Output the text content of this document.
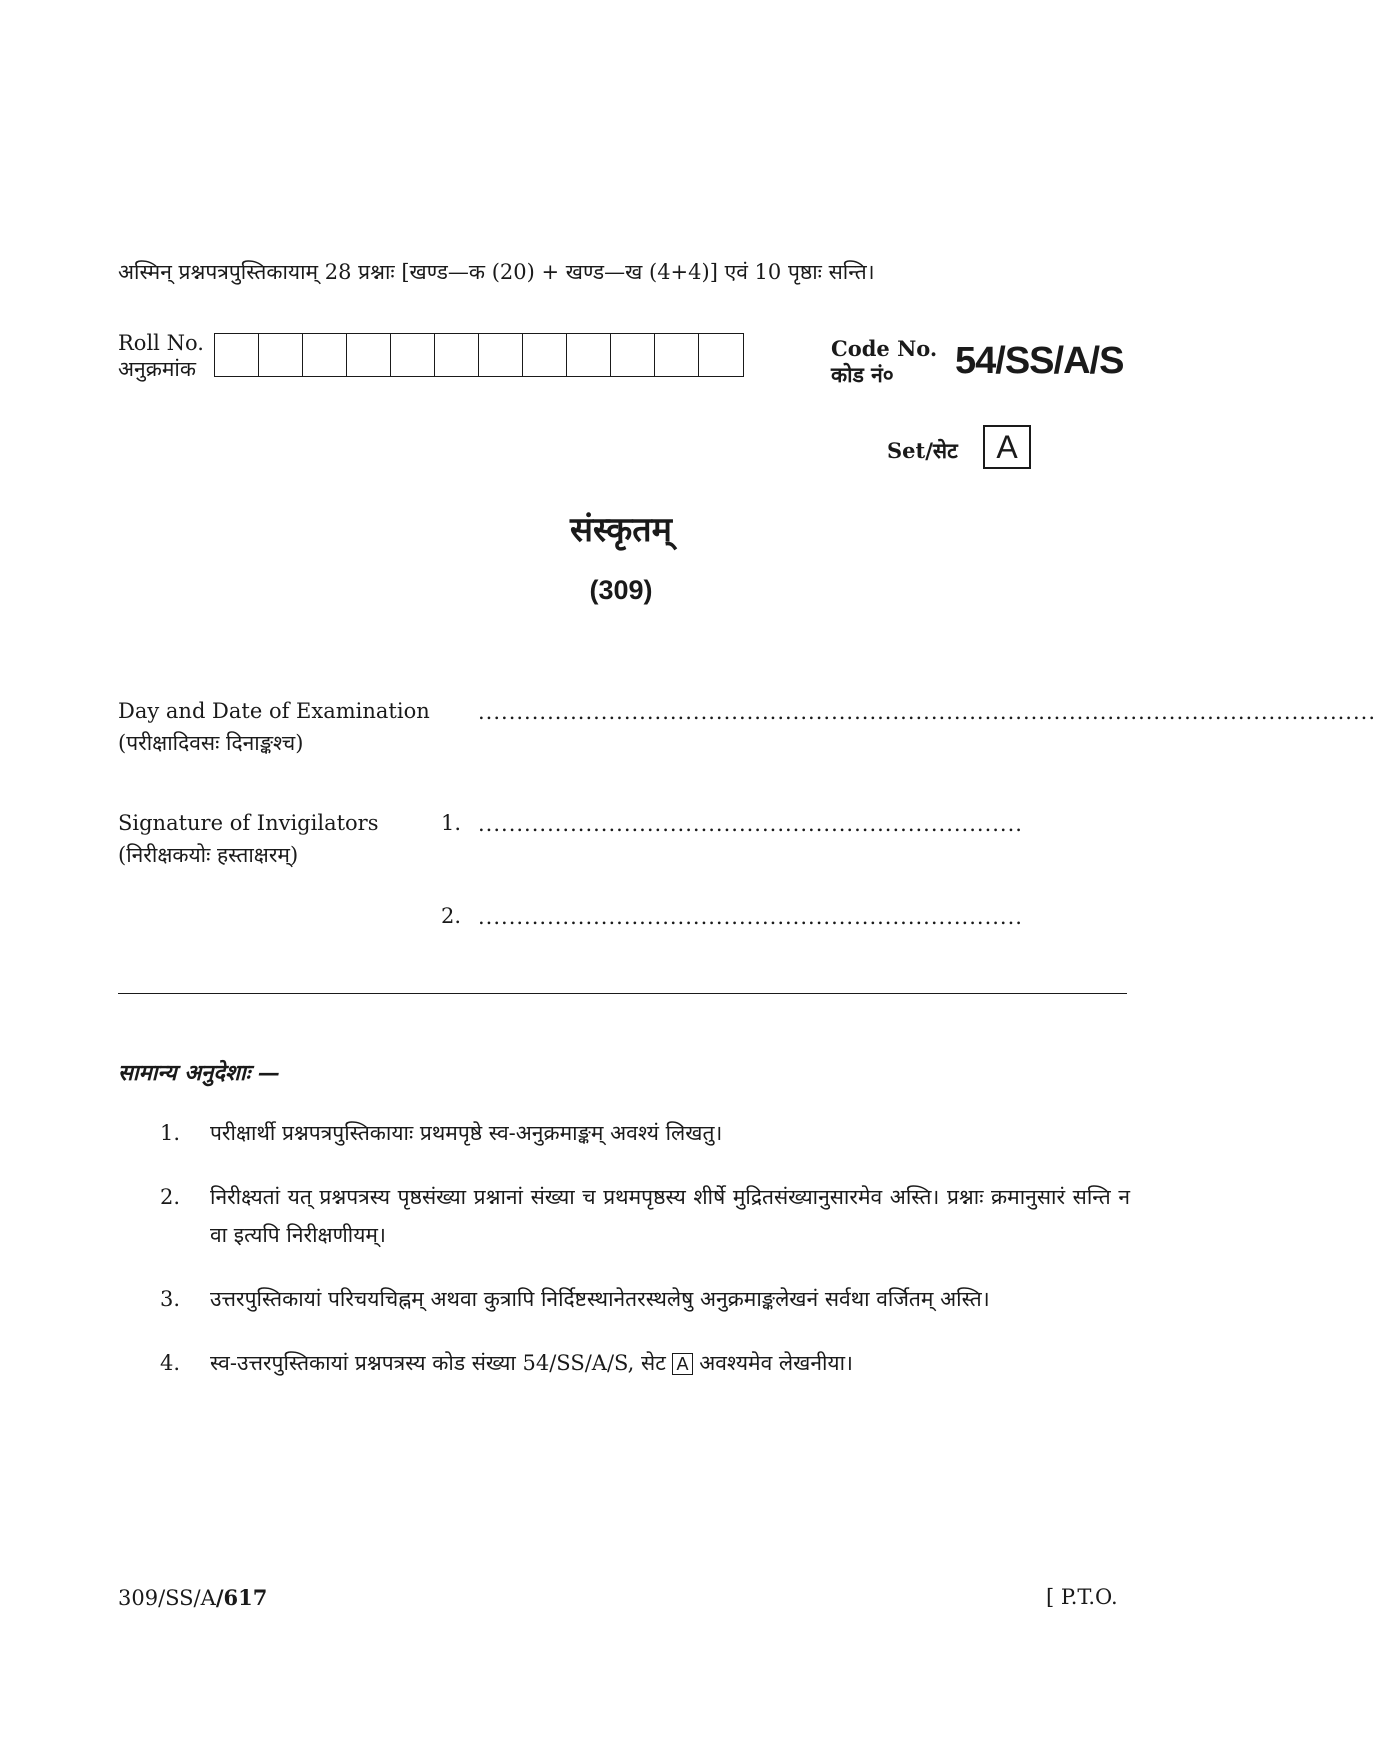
अस्मिन् प्रश्नपत्रपुस्तिकायाम् 28 प्रश्नाः [खण्ड—क (20) + खण्ड—ख (4+4)] एवं 10 पृष्ठाः सन्ति।
Roll No.
अनुक्रमांक
Code No.
कोड नं०	54/SS/A/S
Set/सेट	A
संस्कृतम्
(309)
Day and Date of Examination
(परीक्षादिवसः दिनाङ्कश्च)
.....................................................................................................................
Signature of Invigilators
(निरीक्षकयोः हस्ताक्षरम्)
1. .......................................................................
2. .......................................................................
सामान्य अनुदेशाः —
1.	परीक्षार्थी प्रश्नपत्रपुस्तिकायाः प्रथमपृष्ठे स्व-अनुक्रमाङ्कम् अवश्यं लिखतु।
2.	निरीक्ष्यतां यत् प्रश्नपत्रस्य पृष्ठसंख्या प्रश्नानां संख्या च प्रथमपृष्ठस्य शीर्षे मुद्रितसंख्यानुसारमेव अस्ति। प्रश्नाः क्रमानुसारं सन्ति न वा इत्यपि निरीक्षणीयम्।
3.	उत्तरपुस्तिकायां परिचयचिह्नम् अथवा कुत्रापि निर्दिष्टस्थानेतरस्थलेषु अनुक्रमाङ्कलेखनं सर्वथा वर्जितम् अस्ति।
4.	स्व-उत्तरपुस्तिकायां प्रश्नपत्रस्य कोड संख्या 54/SS/A/S, सेट A अवश्यमेव लेखनीया।
309/SS/A/617	[ P.T.O.
